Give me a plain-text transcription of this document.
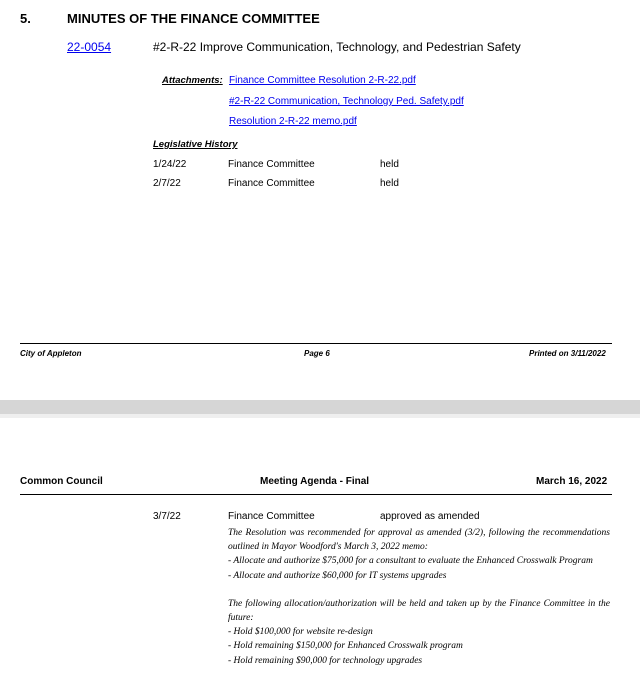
5.	MINUTES OF THE FINANCE COMMITTEE
22-0054	#2-R-22 Improve Communication, Technology, and Pedestrian Safety
Attachments: Finance Committee Resolution 2-R-22.pdf
#2-R-22 Communication, Technology Ped. Safety.pdf
Resolution 2-R-22 memo.pdf
Legislative History
1/24/22	Finance Committee	held
2/7/22	Finance Committee	held
City of Appleton	Page 6	Printed on 3/11/2022
Common Council	Meeting Agenda - Final	March 16, 2022
3/7/22	Finance Committee	approved as amended

The Resolution was recommended for approval as amended (3/2), following the recommendations outlined in Mayor Woodford's March 3, 2022 memo:

- Allocate and authorize $75,000 for a consultant to evaluate the Enhanced Crosswalk Program

- Allocate and authorize $60,000 for IT systems upgrades

The following allocation/authorization will be held and taken up by the Finance Committee in the future:

- Hold $100,000 for website re-design

- Hold remaining $150,000 for Enhanced Crosswalk program

- Hold remaining $90,000 for technology upgrades
